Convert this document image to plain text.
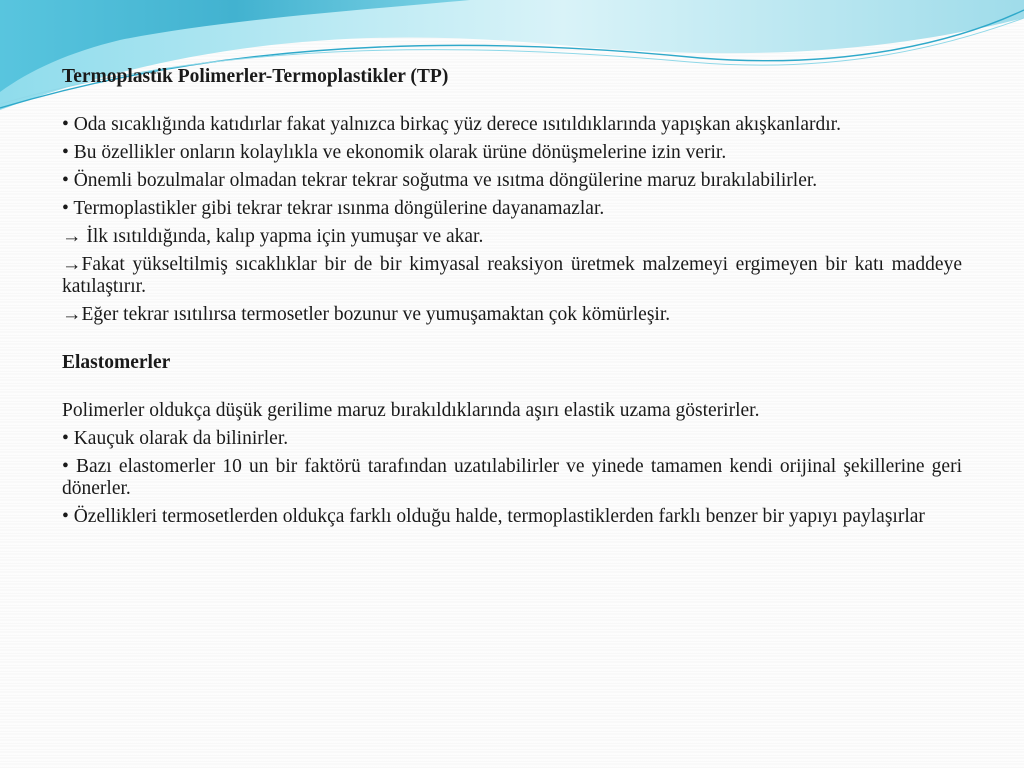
Termoplastik Polimerler-Termoplastikler (TP)

• Oda sıcaklığında katıdırlar fakat yalnızca birkaç yüz derece ısıtıldıklarında yapışkan akışkanlardır.

• Bu özellikler onların kolaylıkla ve ekonomik olarak ürüne dönüşmelerine izin verir.

• Önemli bozulmalar olmadan tekrar tekrar soğutma ve ısıtma döngülerine maruz bırakılabilirler.

• Termoplastikler gibi tekrar tekrar ısınma döngülerine dayanamazlar.

→ İlk ısıtıldığında, kalıp yapma için yumuşar ve akar.

→Fakat yükseltilmiş sıcaklıklar bir de bir kimyasal reaksiyon üretmek malzemeyi ergimeyen bir katı maddeye katılaştırır.

→Eğer tekrar ısıtılırsa termosetler bozunur ve yumuşamaktan çok kömürleşir.

Elastomerler

Polimerler oldukça düşük gerilime maruz bırakıldıklarında aşırı elastik uzama gösterirler.

• Kauçuk olarak da bilinirler.

• Bazı elastomerler 10 un bir faktörü tarafından uzatılabilirler ve yinede tamamen kendi orijinal şekillerine geri dönerler.

• Özellikleri termosetlerden oldukça farklı olduğu halde, termoplastiklerden farklı benzer bir yapıyı paylaşırlar
